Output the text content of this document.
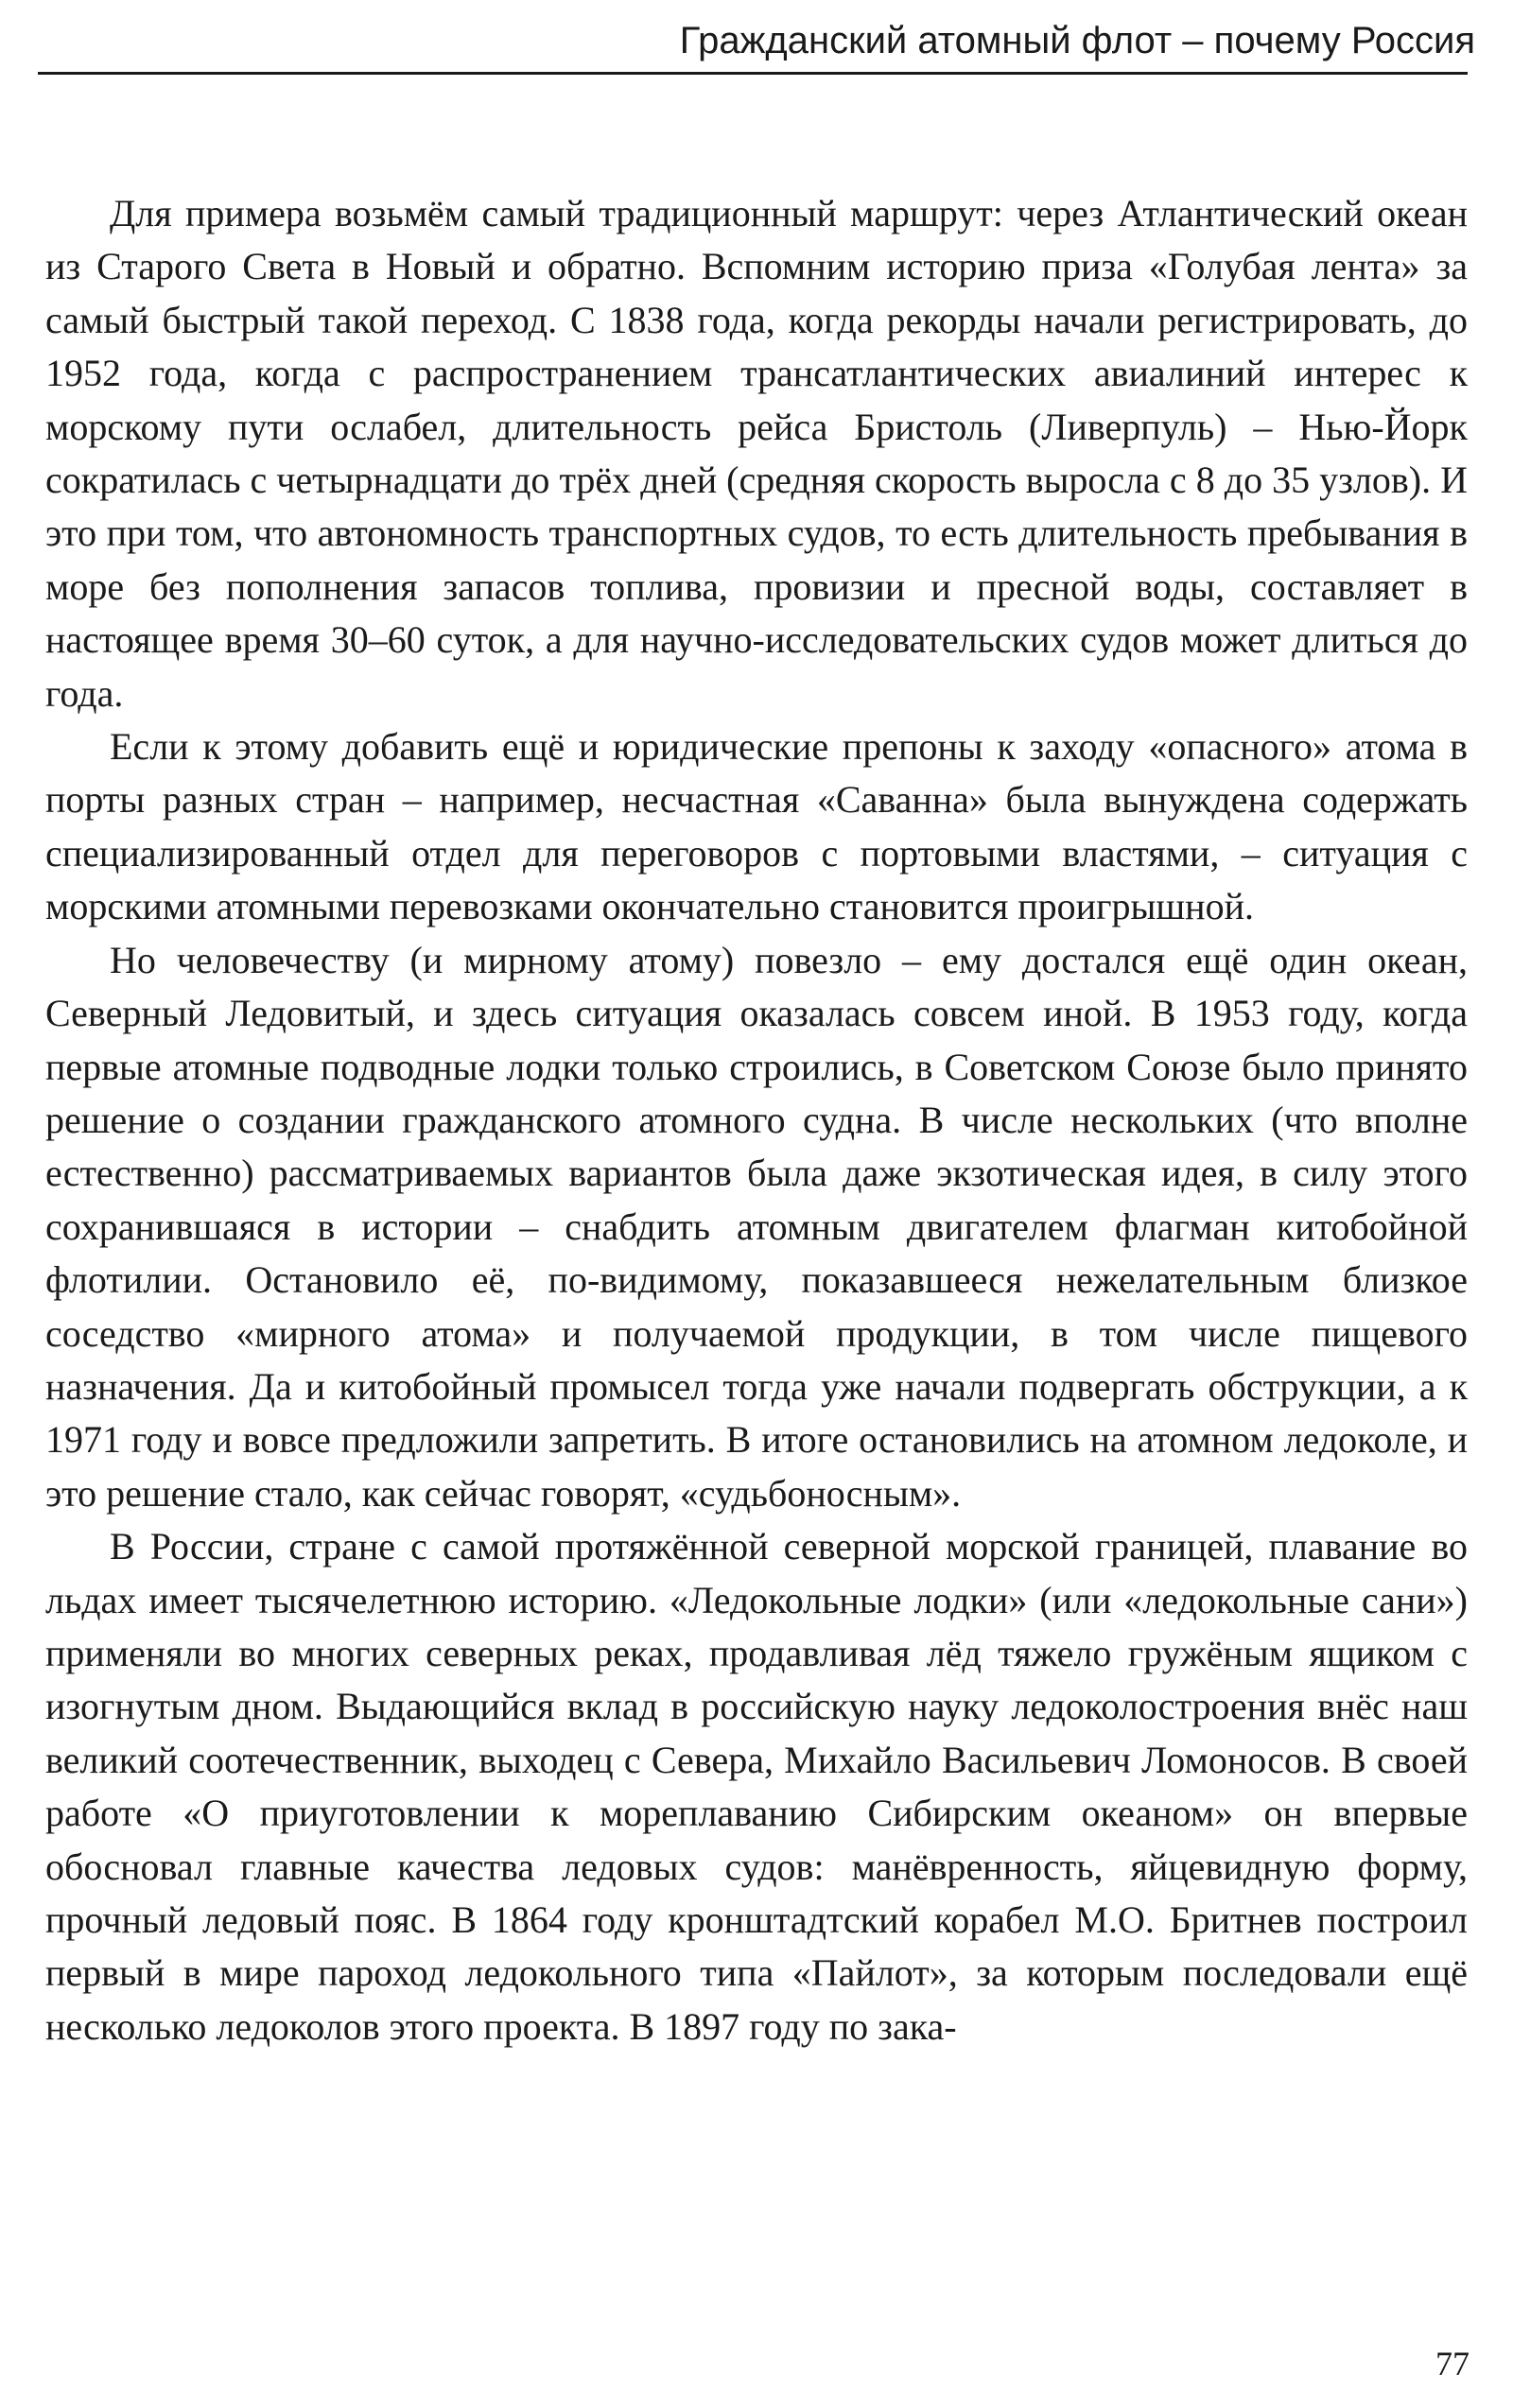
Гражданский атомный флот – почему Россия

Для примера возьмём самый традиционный маршрут: через Атлантический океан из Старого Света в Новый и обратно. Вспомним историю приза «Голубая лента» за самый быстрый такой переход. С 1838 года, когда рекорды начали регистрировать, до 1952 года, когда с распространением трансатлантических авиалиний интерес к морскому пути ослабел, длительность рейса Бристоль (Ливерпуль) – Нью-Йорк сократилась с четырнадцати до трёх дней (средняя скорость выросла с 8 до 35 узлов). И это при том, что автономность транспортных судов, то есть длительность пребывания в море без пополнения запасов топлива, провизии и пресной воды, составляет в настоящее время 30–60 суток, а для научно-исследовательских судов может длиться до года.

Если к этому добавить ещё и юридические препоны к заходу «опасного» атома в порты разных стран – например, несчастная «Саванна» была вынуждена содержать специализированный отдел для переговоров с портовыми властями, – ситуация с морскими атомными перевозками окончательно становится проигрышной.

Но человечеству (и мирному атому) повезло – ему достался ещё один океан, Северный Ледовитый, и здесь ситуация оказалась совсем иной. В 1953 году, когда первые атомные подводные лодки только строились, в Советском Союзе было принято решение о создании гражданского атомного судна. В числе нескольких (что вполне естественно) рассматриваемых вариантов была даже экзотическая идея, в силу этого сохранившаяся в истории – снабдить атомным двигателем флагман китобойной флотилии. Остановило её, по-видимому, показавшееся нежелательным близкое соседство «мирного атома» и получаемой продукции, в том числе пищевого назначения. Да и китобойный промысел тогда уже начали подвергать обструкции, а к 1971 году и вовсе предложили запретить. В итоге остановились на атомном ледоколе, и это решение стало, как сейчас говорят, «судьбоносным».

В России, стране с самой протяжённой северной морской границей, плавание во льдах имеет тысячелетнюю историю. «Ледокольные лодки» (или «ледокольные сани») применяли во многих северных реках, продавливая лёд тяжело гружёным ящиком с изогнутым дном. Выдающийся вклад в российскую науку ледоколостроения внёс наш великий соотечественник, выходец с Севера, Михайло Васильевич Ломоносов. В своей работе «О приуготовлении к мореплаванию Сибирским океаном» он впервые обосновал главные качества ледовых судов: манёвренность, яйцевидную форму, прочный ледовый пояс. В 1864 году кронштадтский корабел М.О. Бритнев построил первый в мире пароход ледокольного типа «Пайлот», за которым последовали ещё несколько ледоколов этого проекта. В 1897 году по зака-

77
